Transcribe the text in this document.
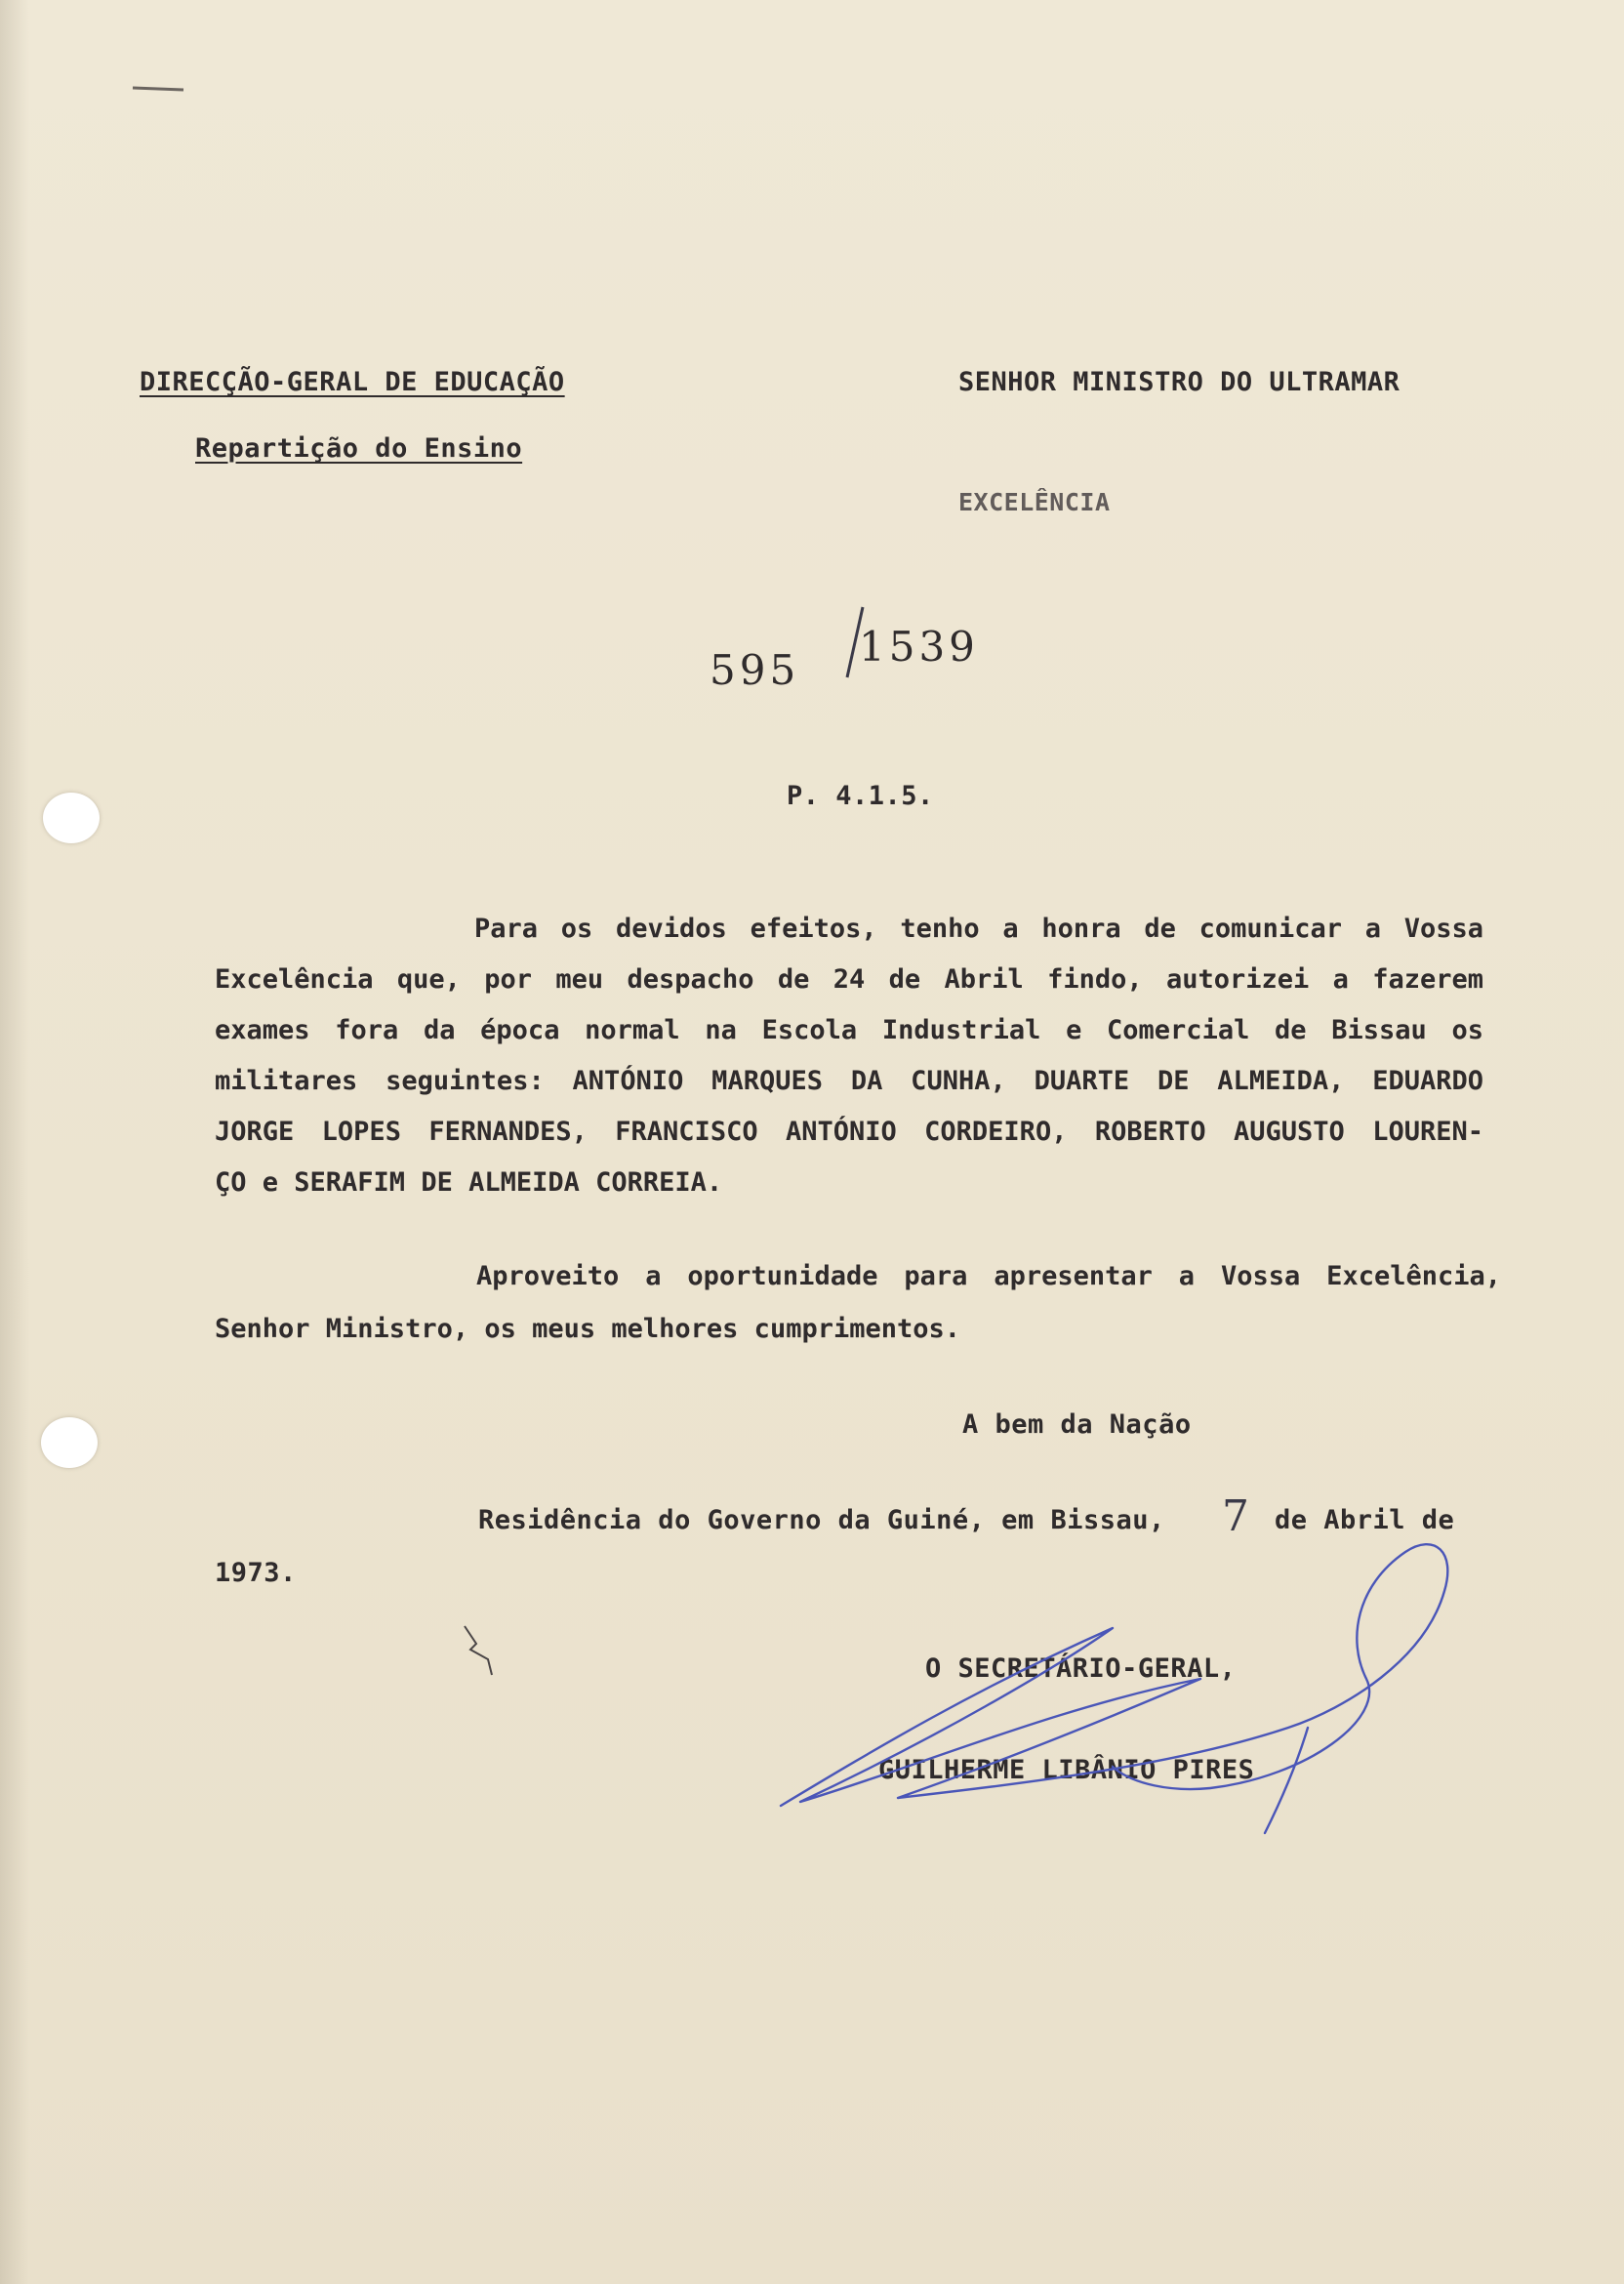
DIRECÇÃO-GERAL DE EDUCAÇÃO
Repartição do Ensino
SENHOR MINISTRO DO ULTRAMAR
EXCELÊNCIA
595 1539
P. 4.1.5.
Para os devidos efeitos, tenho a honra de comunicar a Vossa
Excelência que, por meu despacho de 24 de Abril findo, autorizei a fazerem
exames fora da época normal na Escola Industrial e Comercial de Bissau os
militares seguintes: ANTÓNIO MARQUES DA CUNHA, DUARTE DE ALMEIDA, EDUARDO
JORGE LOPES FERNANDES, FRANCISCO ANTÓNIO CORDEIRO, ROBERTO AUGUSTO LOUREN-
ÇO e SERAFIM DE ALMEIDA CORREIA.
Aproveito a oportunidade para apresentar a Vossa Excelência,
Senhor Ministro, os meus melhores cumprimentos.
A bem da Nação
Residência do Governo da Guiné, em Bissau, 7 de Abril de
1973.
O SECRETÁRIO-GERAL,
GUILHERME LIBÂNIO PIRES
